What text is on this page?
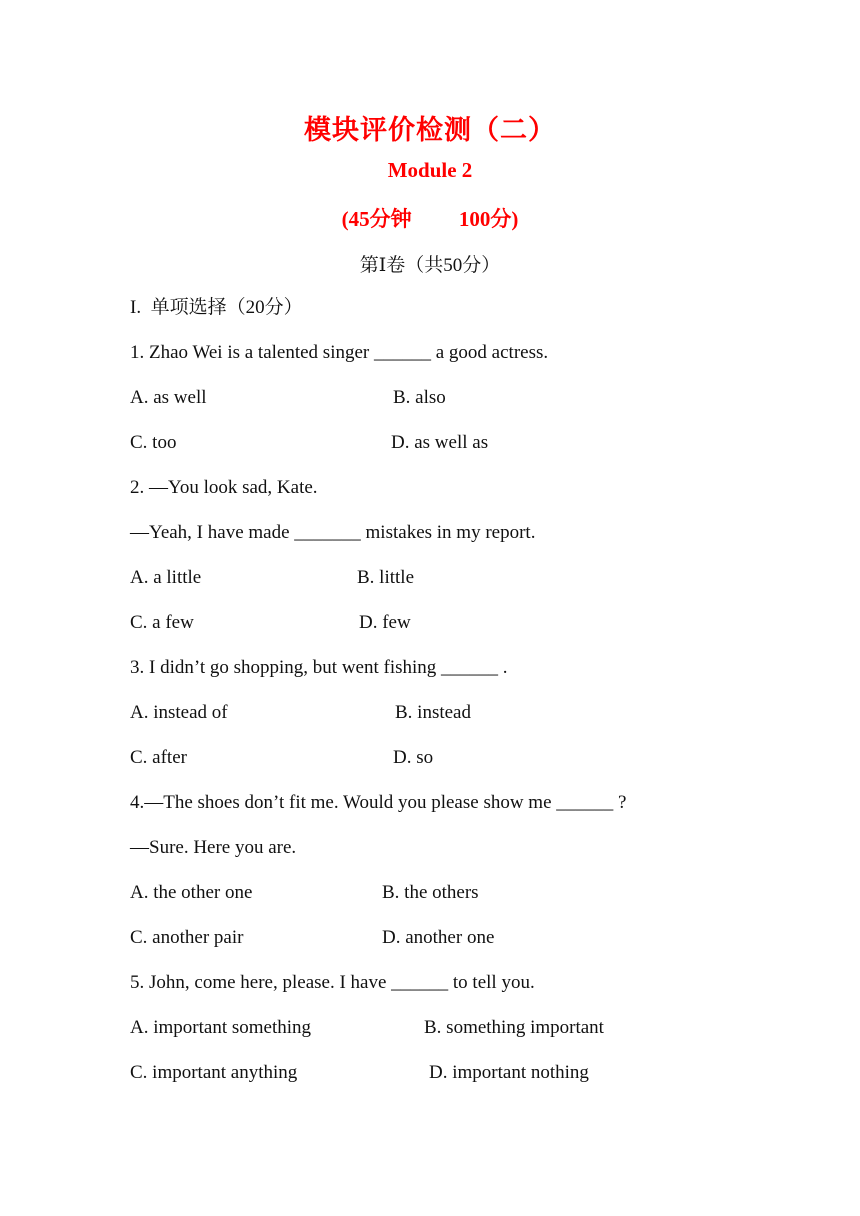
模块评价检测（二）
Module 2
(45分钟 100分)
第Ⅰ卷（共50分）
I.  单项选择（20分）
1. Zhao Wei is a talented singer ______ a good actress.
A. as well	B. also
C. too	D. as well as
2. —You look sad, Kate.
—Yeah, I have made _______ mistakes in my report.
A. a little	B. little
C. a few	D. few
3. I didn’t go shopping, but went fishing ______ .
A. instead of	B. instead
C. after	D. so
4.—The shoes don’t fit me. Would you please show me ______ ?
—Sure. Here you are.
A. the other one	B. the others
C. another pair	D. another one
5. John, come here, please. I have ______ to tell you.
A. important something	B. something important
C. important anything	D. important nothing
